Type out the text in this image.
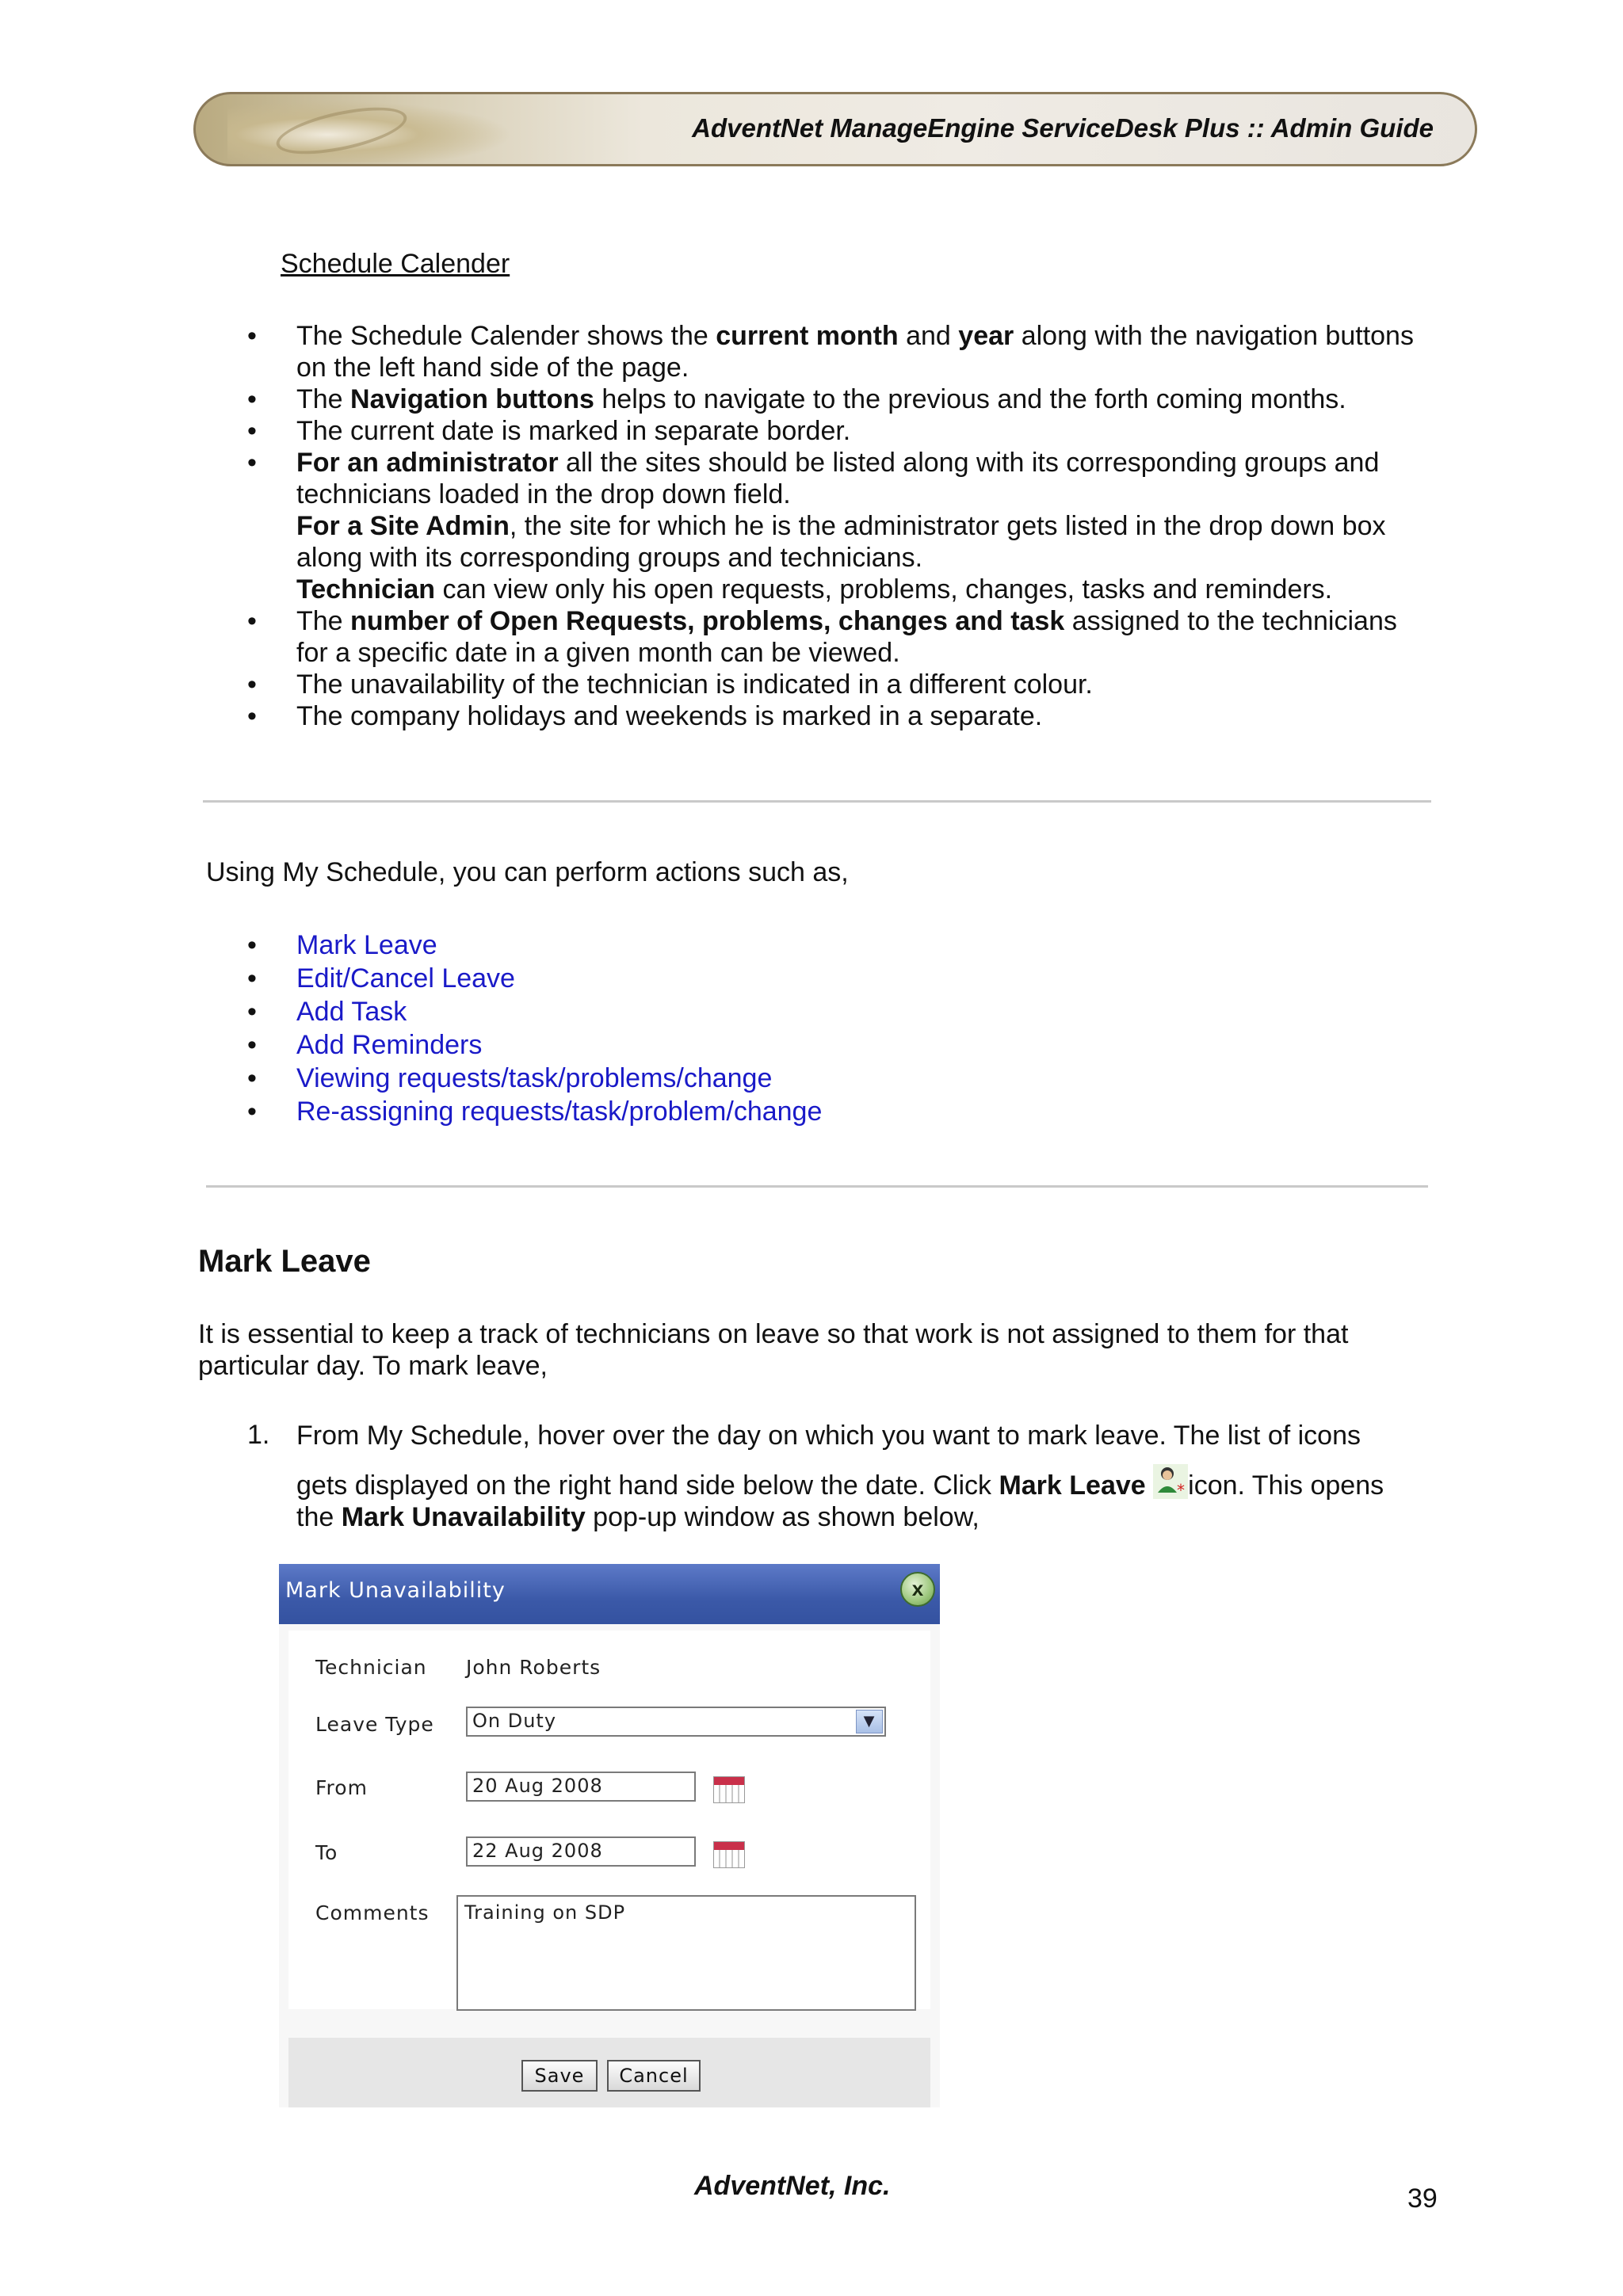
AdventNet ManageEngine ServiceDesk Plus :: Admin Guide
Schedule Calender
• The Schedule Calender shows the current month and year along with the navigation buttons
on the left hand side of the page.
• The Navigation buttons helps to navigate to the previous and the forth coming months.
• The current date is marked in separate border.
• For an administrator all the sites should be listed along with its corresponding groups and
technicians loaded in the drop down field.
For a Site Admin, the site for which he is the administrator gets listed in the drop down box
along with its corresponding groups and technicians.
Technician can view only his open requests, problems, changes, tasks and reminders.
• The number of Open Requests, problems, changes and task assigned to the technicians
for a specific date in a given month can be viewed.
• The unavailability of the technician is indicated in a different colour.
• The company holidays and weekends is marked in a separate.
Using My Schedule, you can perform actions such as,
• Mark Leave
• Edit/Cancel Leave
• Add Task
• Add Reminders
• Viewing requests/task/problems/change
• Re-assigning requests/task/problem/change
Mark Leave
It is essential to keep a track of technicians on leave so that work is not assigned to them for that
particular day. To mark leave,
1. From My Schedule, hover over the day on which you want to mark leave. The list of icons
gets displayed on the right hand side below the date. Click Mark Leave * icon. This opens
the Mark Unavailability pop-up window as shown below,
Mark Unavailability	x
Technician John Roberts
Leave Type	On Duty	▼
From	20 Aug 2008
To	22 Aug 2008
Comments	Training on SDP
Save	Cancel
AdventNet, Inc.	39
